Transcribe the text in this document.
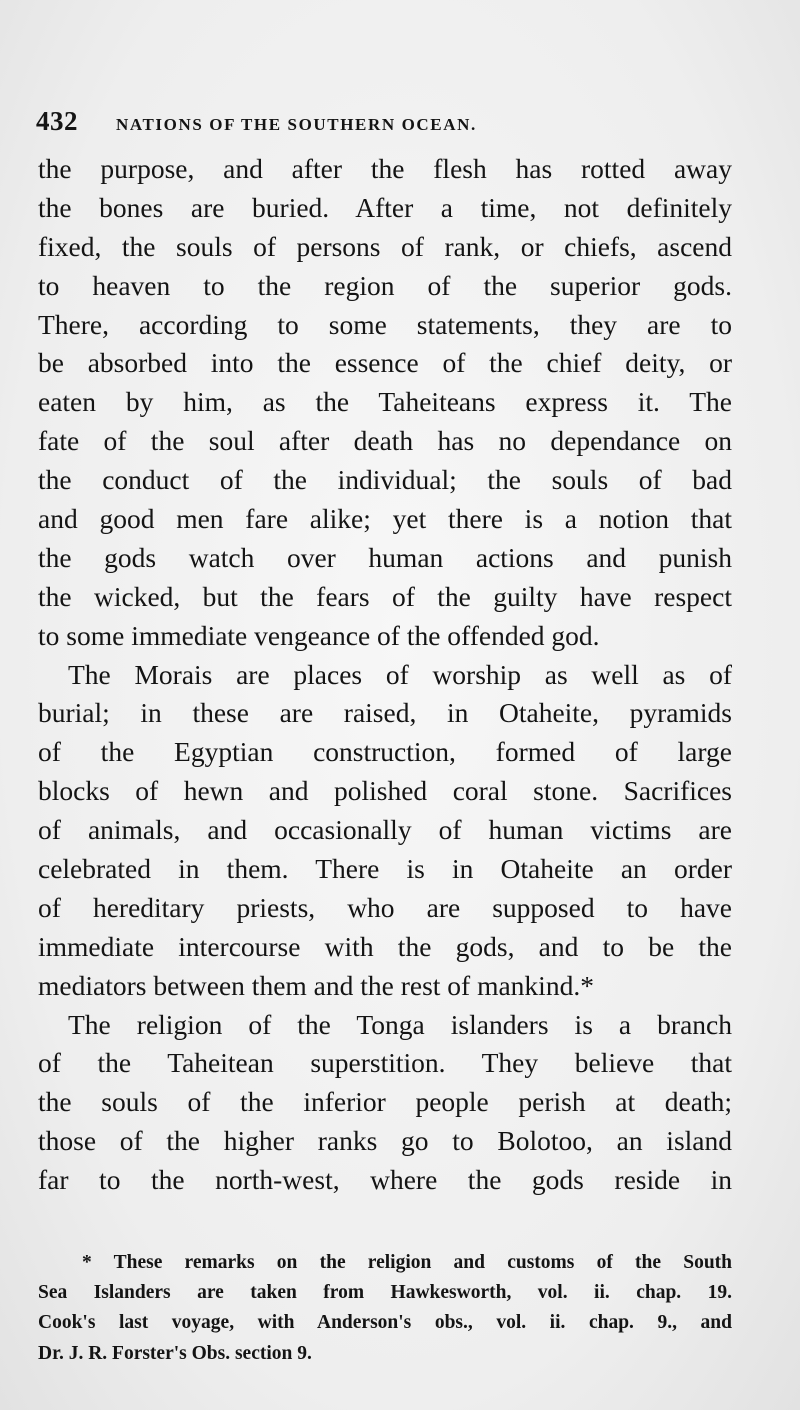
432 NATIONS OF THE SOUTHERN OCEAN.
the purpose, and after the flesh has rotted away
the bones are buried. After a time, not definitely
fixed, the souls of persons of rank, or chiefs, ascend
to heaven to the region of the superior gods.
There, according to some statements, they are to
be absorbed into the essence of the chief deity, or
eaten by him, as the Taheiteans express it. The
fate of the soul after death has no dependance on
the conduct of the individual; the souls of bad
and good men fare alike; yet there is a notion that
the gods watch over human actions and punish
the wicked, but the fears of the guilty have respect
to some immediate vengeance of the offended god.
The Morais are places of worship as well as of
burial; in these are raised, in Otaheite, pyramids
of the Egyptian construction, formed of large
blocks of hewn and polished coral stone. Sacrifices
of animals, and occasionally of human victims are
celebrated in them. There is in Otaheite an order
of hereditary priests, who are supposed to have
immediate intercourse with the gods, and to be the
mediators between them and the rest of mankind.*
The religion of the Tonga islanders is a branch
of the Taheitean superstition. They believe that
the souls of the inferior people perish at death;
those of the higher ranks go to Bolotoo, an island
far to the north-west, where the gods reside in
* These remarks on the religion and customs of the South
Sea Islanders are taken from Hawkesworth, vol. ii. chap. 19.
Cook's last voyage, with Anderson's obs., vol. ii. chap. 9., and
Dr. J. R. Forster's Obs. section 9.
